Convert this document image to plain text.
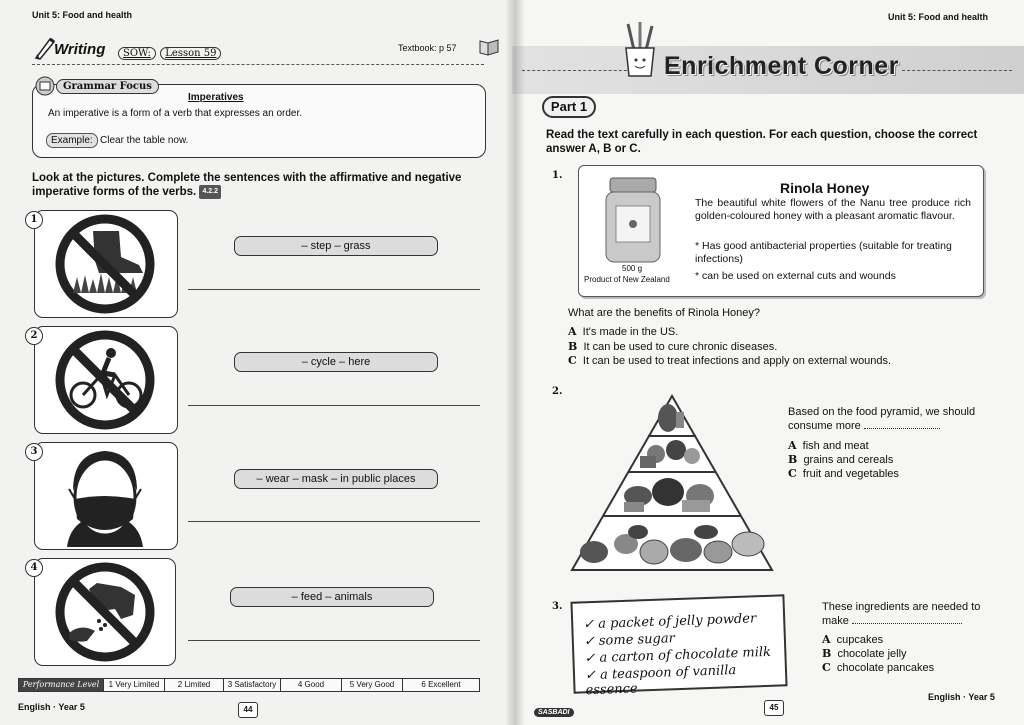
Unit 5: Food and health
Writing	SOW: Lesson 59	Textbook: p 57
Grammar Focus
Imperatives
An imperative is a form of a verb that expresses an order.
Example: Clear the table now.
Look at the pictures. Complete the sentences with the affirmative and negative imperative forms of the verbs. 4.2.2
1
– step – grass
2
– cycle – here
3
– wear – mask – in public places
4
– feed – animals
Performance Level	1 Very Limited	2 Limited	3 Satisfactory	4 Good	5 Very Good	6 Excellent
English · Year 5	44
Unit 5: Food and health
Enrichment Corner
Part 1
Read the text carefully in each question. For each question, choose the correct answer A, B or C.
1.
500 g
Product of New Zealand
Rinola Honey
The beautiful white flowers of the Nanu tree produce rich golden-coloured honey with a pleasant aromatic flavour.
* Has good antibacterial properties (suitable for treating infections)
* can be used on external cuts and wounds
What are the benefits of Rinola Honey?
A It's made in the US.
B It can be used to cure chronic diseases.
C It can be used to treat infections and apply on external wounds.
2.
Based on the food pyramid, we should consume more
A fish and meat
B grains and cereals
C fruit and vegetables
3.
✓ a packet of jelly powder
✓ some sugar
✓ a carton of chocolate milk
✓ a teaspoon of vanilla essence
These ingredients are needed to make
A cupcakes
B chocolate jelly
C chocolate pancakes
45
SASBADI
English · Year 5
